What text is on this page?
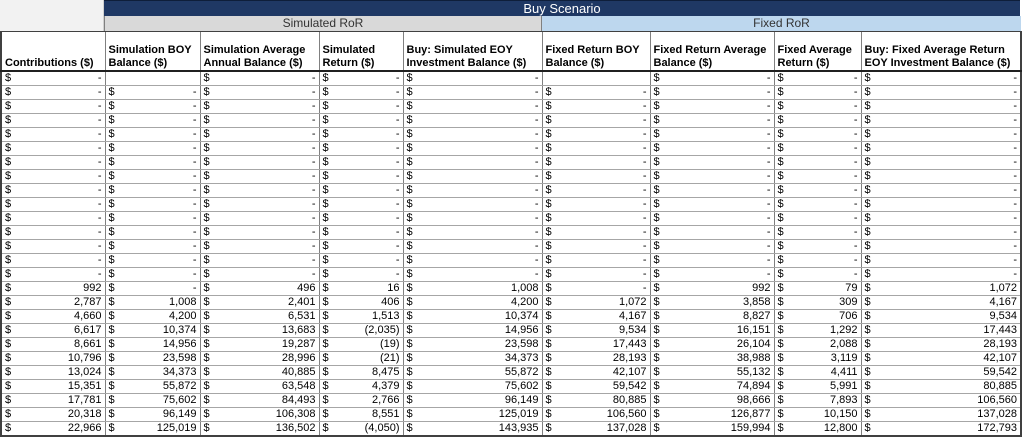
Buy Scenario
Simulated RoR	Fixed RoR
Contributions ($)	Simulation BOY Balance ($)	Simulation Average Annual Balance ($)	Simulated Return ($)	Buy: Simulated EOY Investment Balance ($)	Fixed Return BOY Balance ($)	Fixed Return Average Balance ($)	Fixed Average Return ($)	Buy: Fixed Average Return EOY Investment Balance ($)

$ -		$ -	$ -	$ -		$ -	$ -	$ -

$ -	$ -	$ -	$ -	$ -	$ -	$ -	$ -	$ -

$ -	$ -	$ -	$ -	$ -	$ -	$ -	$ -	$ -

$ -	$ -	$ -	$ -	$ -	$ -	$ -	$ -	$ -

$ -	$ -	$ -	$ -	$ -	$ -	$ -	$ -	$ -

$ -	$ -	$ -	$ -	$ -	$ -	$ -	$ -	$ -

$ -	$ -	$ -	$ -	$ -	$ -	$ -	$ -	$ -

$ -	$ -	$ -	$ -	$ -	$ -	$ -	$ -	$ -

$ -	$ -	$ -	$ -	$ -	$ -	$ -	$ -	$ -

$ -	$ -	$ -	$ -	$ -	$ -	$ -	$ -	$ -

$ -	$ -	$ -	$ -	$ -	$ -	$ -	$ -	$ -

$ -	$ -	$ -	$ -	$ -	$ -	$ -	$ -	$ -

$ -	$ -	$ -	$ -	$ -	$ -	$ -	$ -	$ -

$ -	$ -	$ -	$ -	$ -	$ -	$ -	$ -	$ -

$ -	$ -	$ -	$ -	$ -	$ -	$ -	$ -	$ -

$ 992	$ -	$ 496	$ 16	$ 1,008	$ -	$ 992	$ 79	$ 1,072

$ 2,787	$ 1,008	$ 2,401	$ 406	$ 4,200	$ 1,072	$ 3,858	$ 309	$ 4,167

$ 4,660	$ 4,200	$ 6,531	$ 1,513	$ 10,374	$ 4,167	$ 8,827	$ 706	$ 9,534

$ 6,617	$ 10,374	$ 13,683	$ (2,035)	$ 14,956	$ 9,534	$ 16,151	$ 1,292	$ 17,443

$ 8,661	$ 14,956	$ 19,287	$ (19)	$ 23,598	$ 17,443	$ 26,104	$ 2,088	$ 28,193

$ 10,796	$ 23,598	$ 28,996	$ (21)	$ 34,373	$ 28,193	$ 38,988	$ 3,119	$ 42,107

$ 13,024	$ 34,373	$ 40,885	$ 8,475	$ 55,872	$ 42,107	$ 55,132	$ 4,411	$ 59,542

$ 15,351	$ 55,872	$ 63,548	$ 4,379	$ 75,602	$ 59,542	$ 74,894	$ 5,991	$ 80,885

$ 17,781	$ 75,602	$ 84,493	$ 2,766	$ 96,149	$ 80,885	$ 98,666	$ 7,893	$ 106,560

$ 20,318	$ 96,149	$ 106,308	$ 8,551	$ 125,019	$ 106,560	$ 126,877	$ 10,150	$ 137,028

$ 22,966	$ 125,019	$ 136,502	$ (4,050)	$ 143,935	$ 137,028	$ 159,994	$ 12,800	$ 172,793
